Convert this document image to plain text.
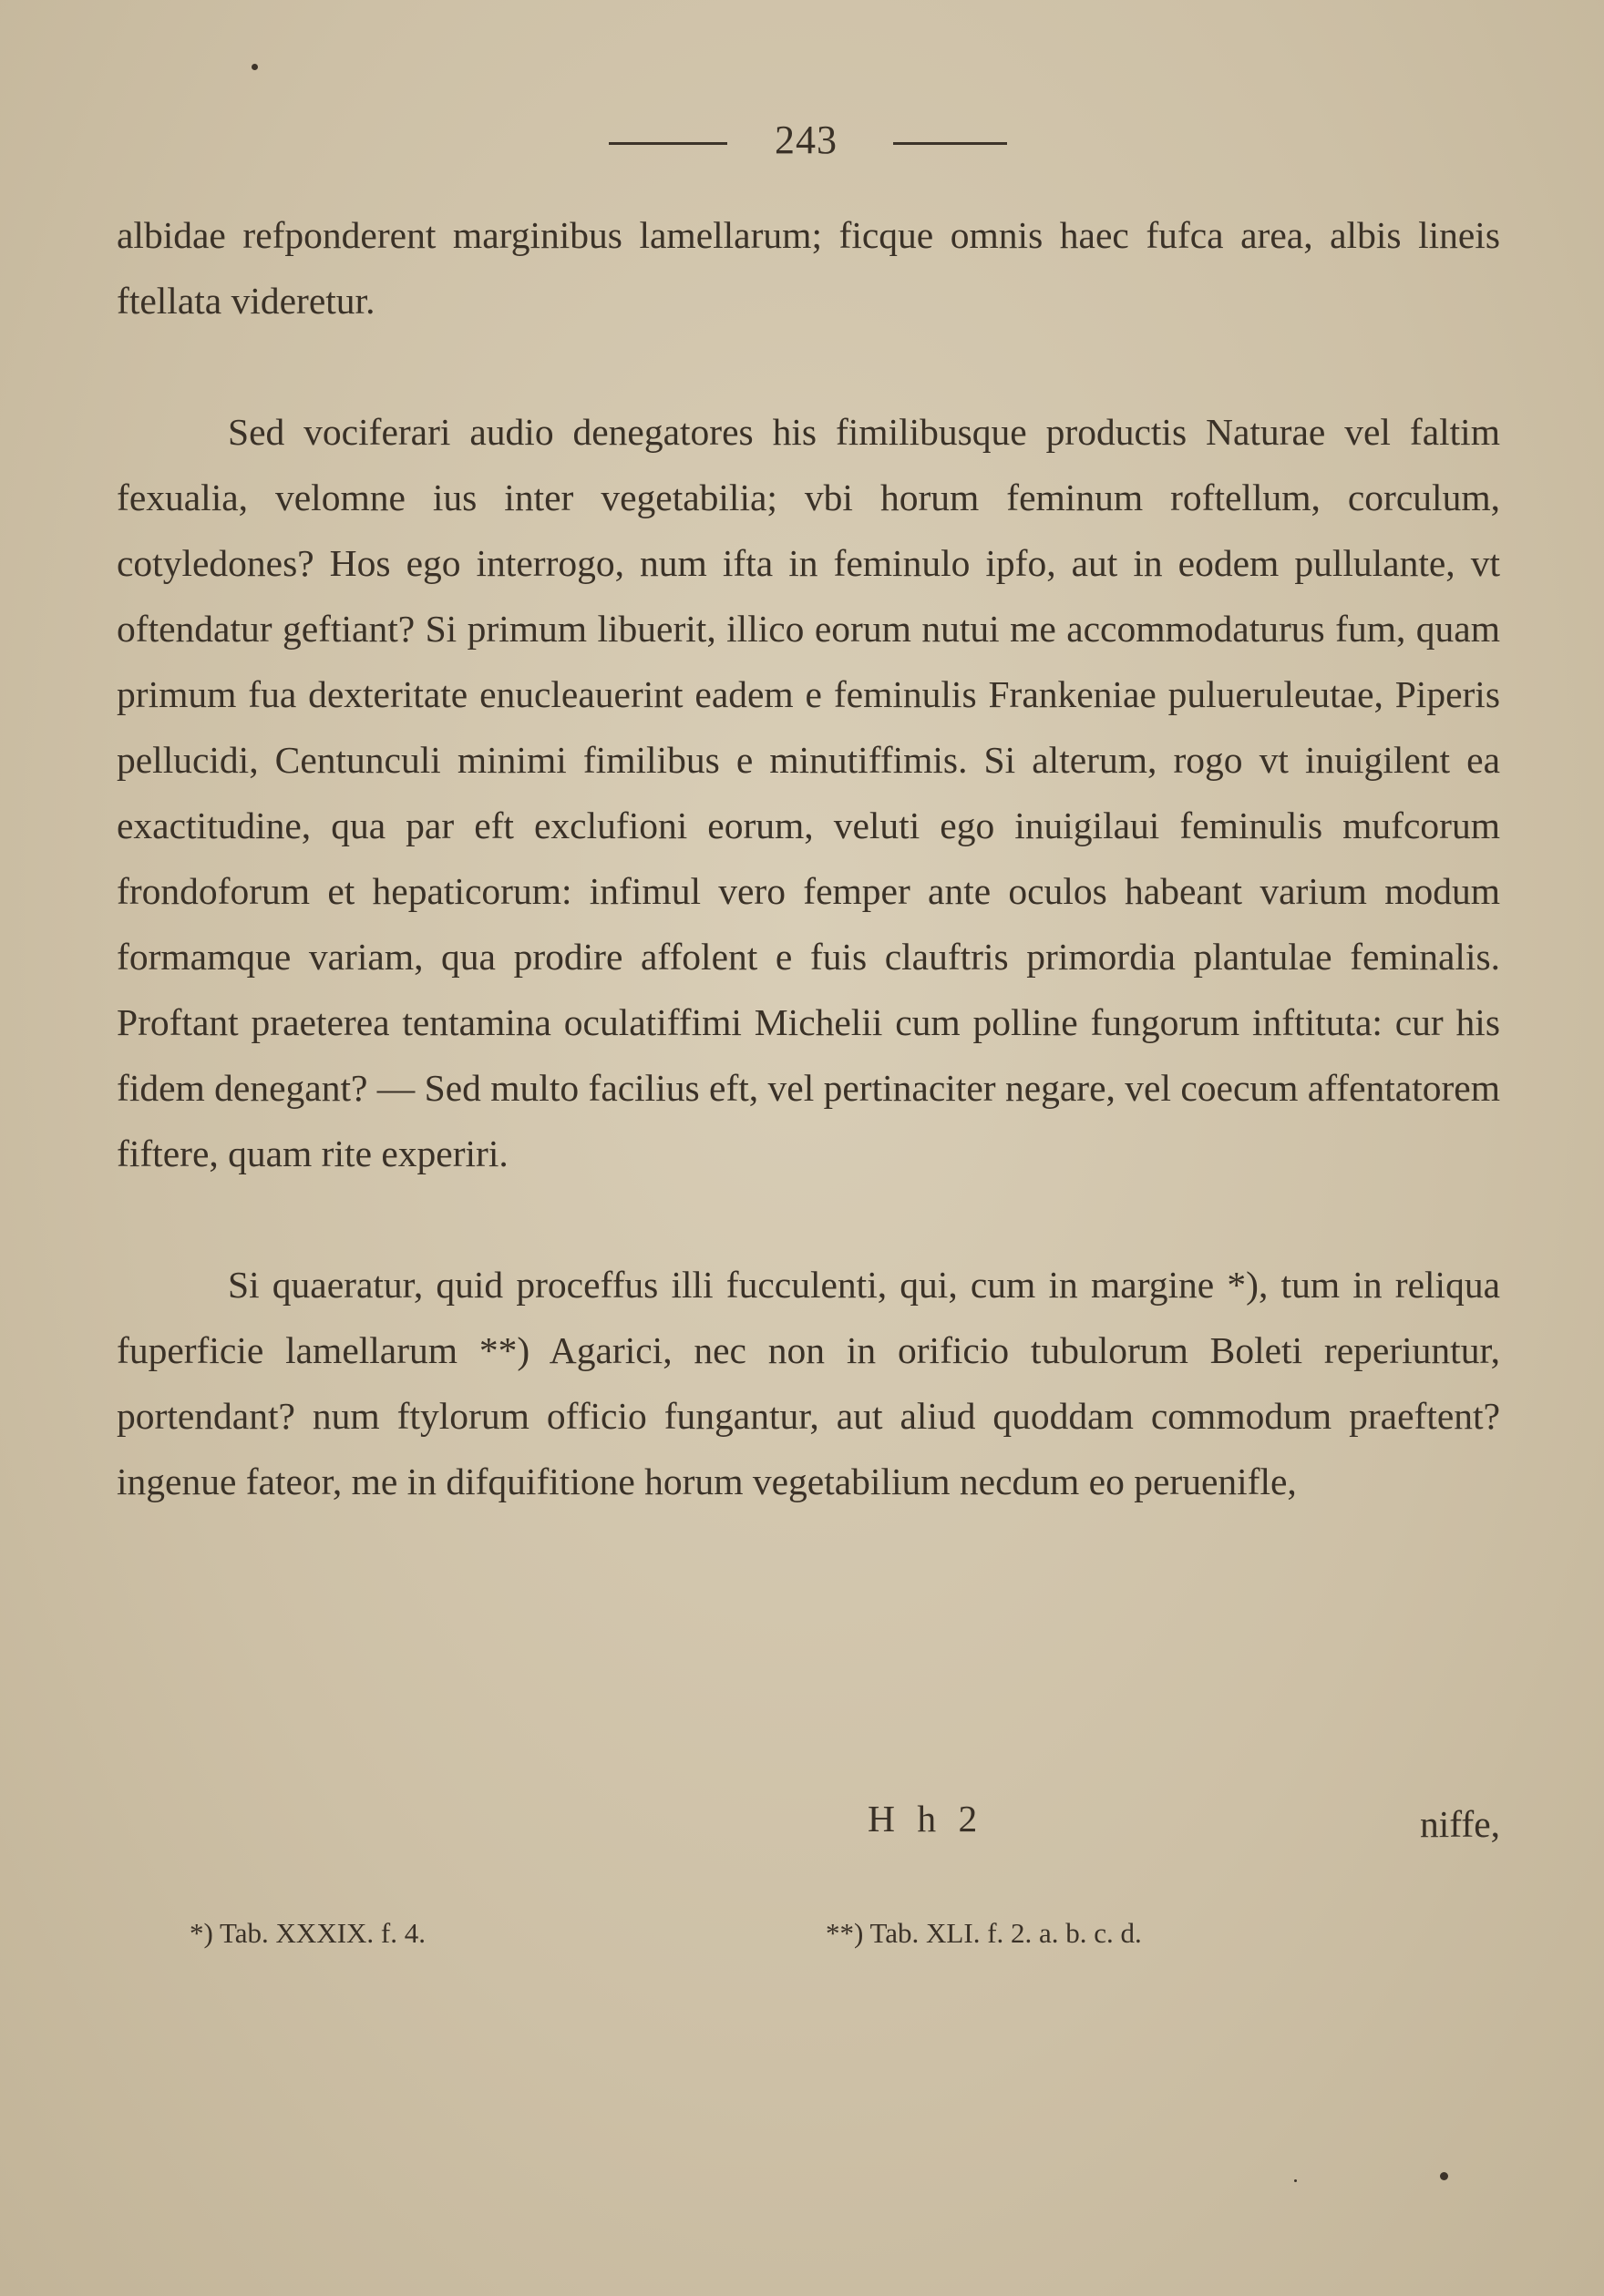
243

albidae refponderent marginibus lamellarum; ficque omnis haec fufca area, albis lineis ftellata videretur.

Sed vociferari audio denegatores his fimilibusque productis Naturae vel faltim fexualia, velomne ius inter vegetabilia; vbi horum feminum roftellum, corculum, cotyledones? Hos ego interrogo, num ifta in feminulo ipfo, aut in eodem pullulante, vt oftendatur geftiant? Si primum libuerit, illico eorum nutui me accommodaturus fum, quam primum fua dexteritate enucleauerint eadem e feminulis Frankeniae pulueruleutae, Piperis pellucidi, Centunculi minimi fimilibus e minutiffimis. Si alterum, rogo vt inuigilent ea exactitudine, qua par eft exclufioni eorum, veluti ego inuigilaui feminulis mufcorum frondoforum et hepaticorum: infimul vero femper ante oculos habeant varium modum formamque variam, qua prodire affolent e fuis clauftris primordia plantulae feminalis. Proftant praeterea tentamina oculatiffimi Michelii cum polline fungorum inftituta: cur his fidem denegant? — Sed multo facilius eft, vel pertinaciter negare, vel coecum affentatorem fiftere, quam rite experiri.

Si quaeratur, quid proceffus illi fucculenti, qui, cum in margine *), tum in reliqua fuperficie lamellarum **) Agarici, nec non in orificio tubulorum Boleti reperiuntur, portendant? num ftylorum officio fungantur, aut aliud quoddam commodum praeftent? ingenue fateor, me in difquifitione horum vegetabilium necdum eo peruenifle,

H h 2	niffe,
*) Tab. XXXIX. f. 4.	**) Tab. XLI. f. 2. a. b. c. d.
